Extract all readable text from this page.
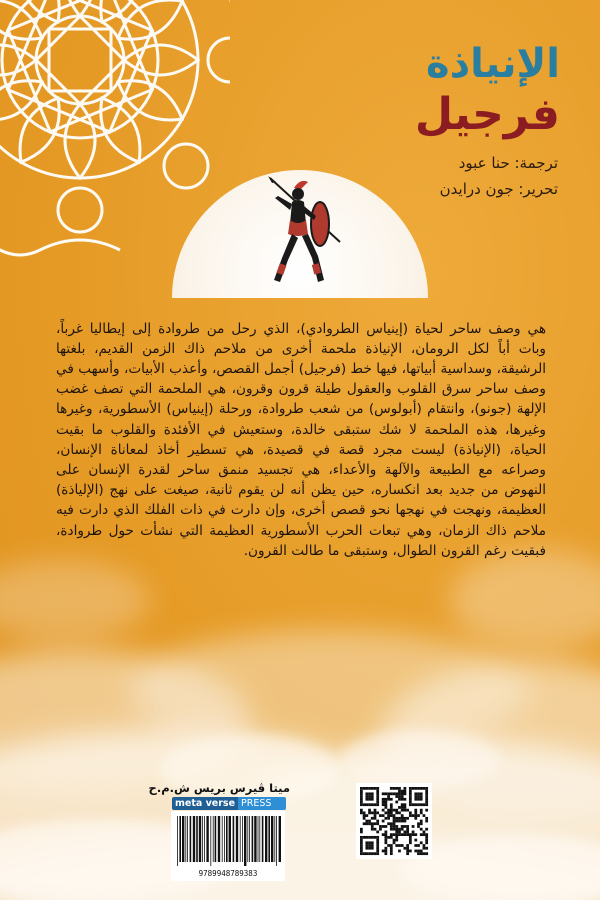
الإنياذة
فرجيل
ترجمة: حنا عبود
تحرير: جون درايدن

هي وصف ساحر لحياة (إينياس الطروادي)، الذي رحل من طروادة إلى إيطاليا غرباً، وبات أباً لكل الرومان، الإنياذة ملحمة أخرى من ملاحم ذاك الزمن القديم، بلغتها الرشيقة، وسداسية أبياتها، فيها خط (فرجيل) أجمل القصص، وأعذب الأبيات، وأسهب في وصف ساحر سرق القلوب والعقول طيلة قرون وقرون، هي الملحمة التي تصف غضب الإلهة (جونو)، وانتقام (أبولوس) من شعب طروادة، ورحلة (إينياس) الأسطورية، وغيرها وغيرها، هذه الملحمة لا شك ستبقى خالدة، وستعيش في الأفئدة والقلوب ما بقيت الحياة، (الإنياذة) ليست مجرد قصة في قصيدة، هي تسطير أخاذ لمعاناة الإنسان، وصراعه مع الطبيعة والآلهة والأعداء، هي تجسيد منمق ساحر لقدرة الإنسان على النهوض من جديد بعد انكساره، حين يظن أنه لن يقوم ثانية، صيغت على نهج (الإلياذة) العظيمة، ونهجت في نهجها نحو قصص أخرى، وإن دارت في ذات الفلك الذي دارت فيه ملاحم ذاك الزمان، وهي تبعات الحرب الأسطورية العظيمة التي نشأت حول طروادة، فبقيت رغم القرون الطوال، وستبقى ما طالت القرون.

ميتا ڤيرس بريس ش.م.ح
meta verse PRESS
9789948789383
